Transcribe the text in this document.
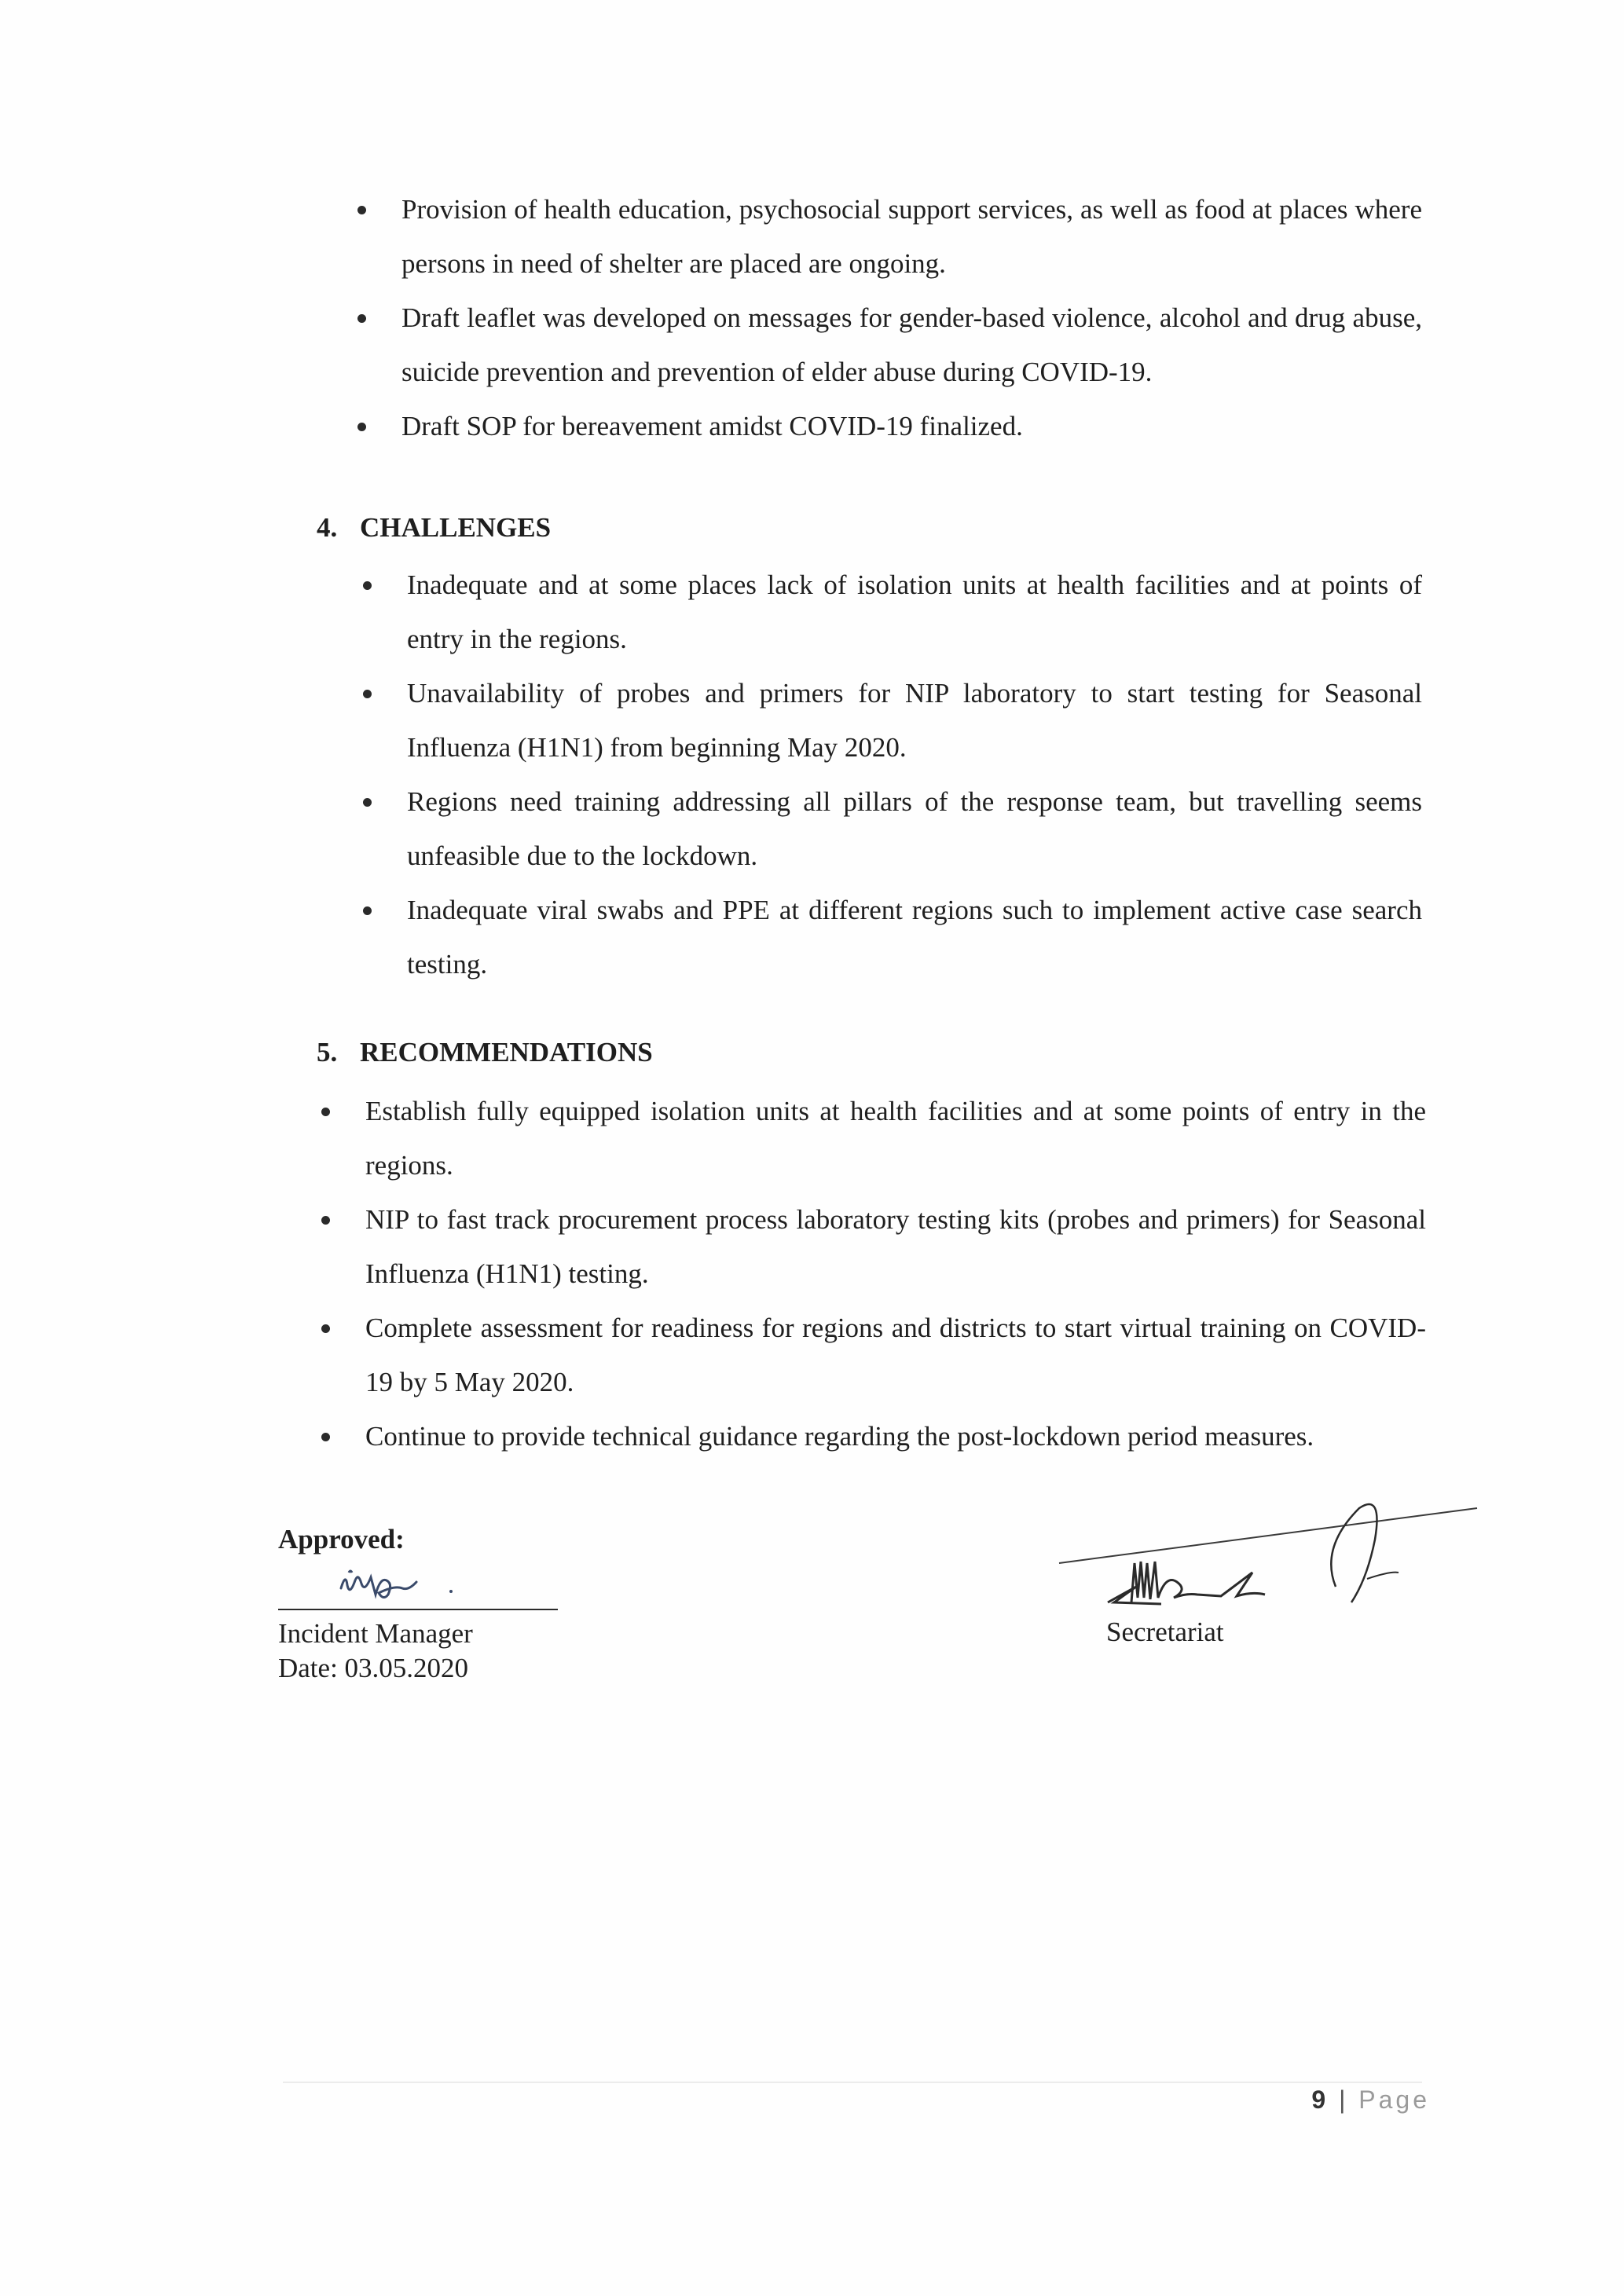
Provision of health education, psychosocial support services, as well as food at places where persons in need of shelter are placed are ongoing.
Draft leaflet was developed on messages for gender-based violence, alcohol and drug abuse, suicide prevention and prevention of elder abuse during COVID-19.
Draft SOP for bereavement amidst COVID-19 finalized.
4. CHALLENGES
Inadequate and at some places lack of isolation units at health facilities and at points of entry in the regions.
Unavailability of probes and primers for NIP laboratory to start testing for Seasonal Influenza (H1N1) from beginning May 2020.
Regions need training addressing all pillars of the response team, but travelling seems unfeasible due to the lockdown.
Inadequate viral swabs and PPE at different regions such to implement active case search testing.
5. RECOMMENDATIONS
Establish fully equipped isolation units at health facilities and at some points of entry in the regions.
NIP to fast track procurement process laboratory testing kits (probes and primers) for Seasonal Influenza (H1N1) testing.
Complete assessment for readiness for regions and districts to start virtual training on COVID-19 by 5 May 2020.
Continue to provide technical guidance regarding the post-lockdown period measures.

Approved:

Incident Manager
Date: 03.05.2020
Secretariat
9 | Page
